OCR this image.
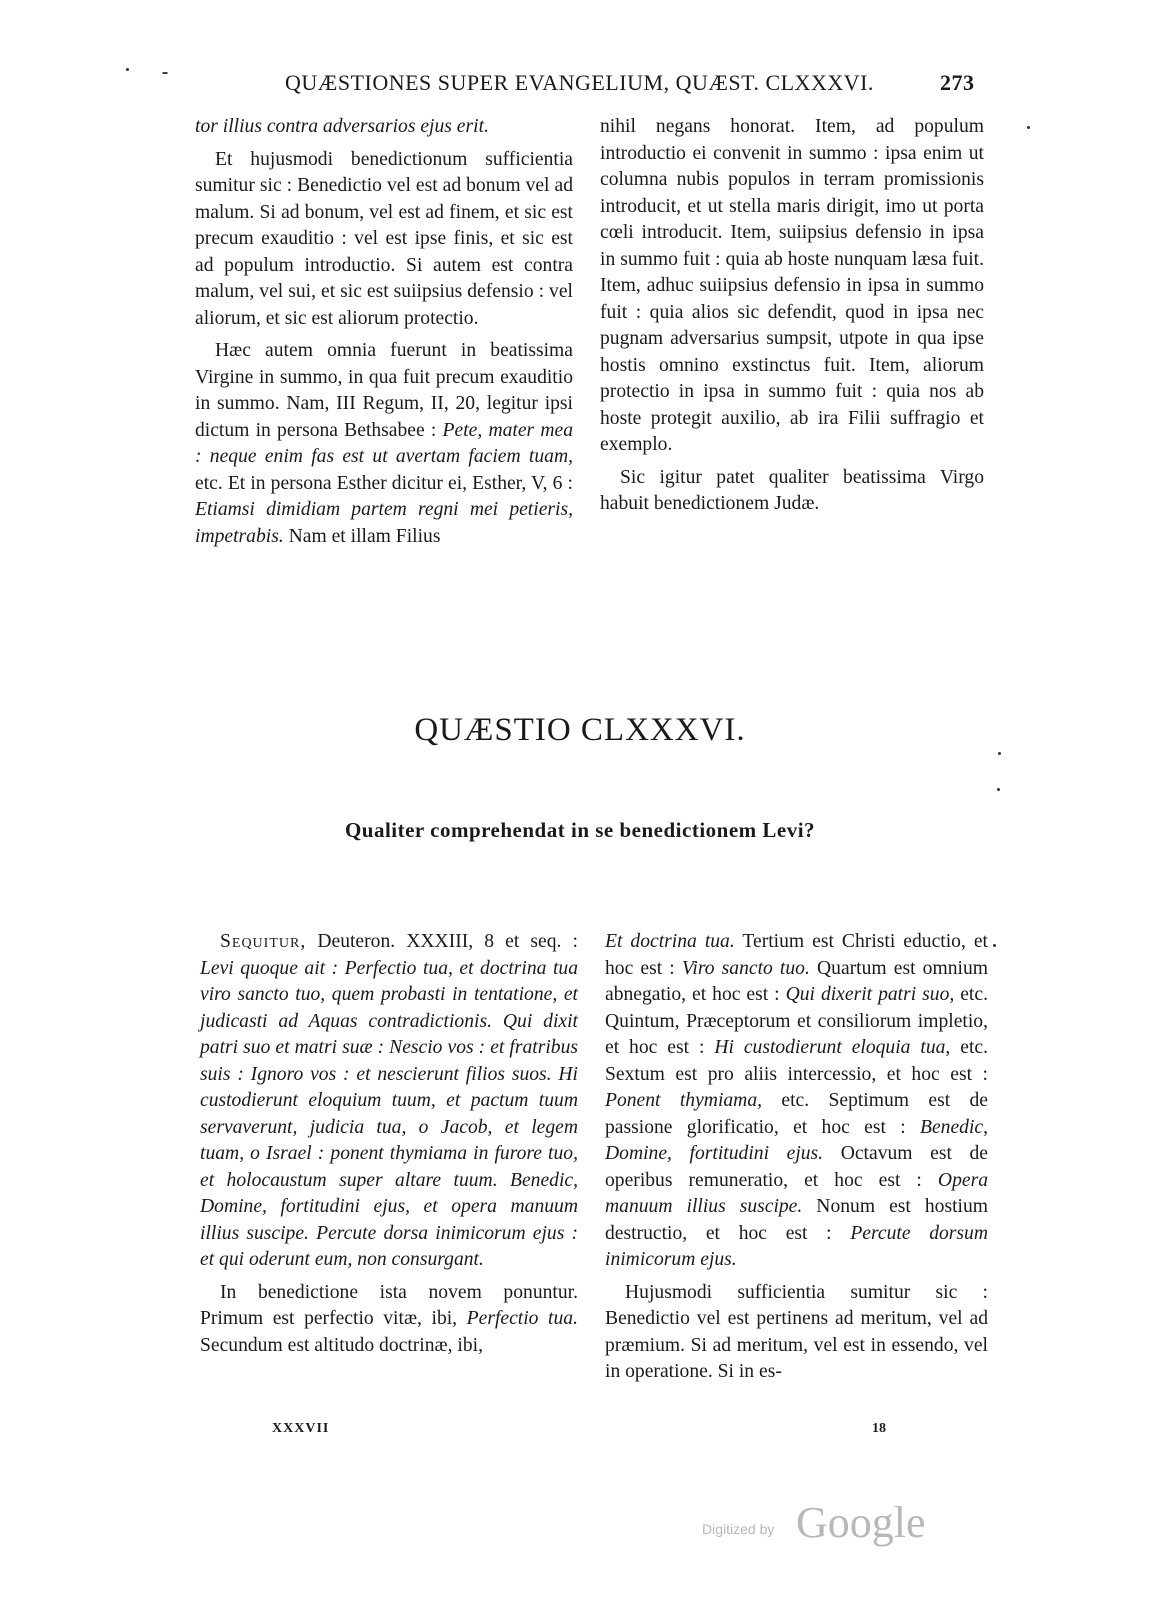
QUÆSTIONES SUPER EVANGELIUM, QUÆST. CLXXXVI.	273

tor illius contra adversarios ejus erit.

Et hujusmodi benedictionum sufficientia sumitur sic : Benedictio vel est ad bonum vel ad malum. Si ad bonum, vel est ad finem, et sic est precum exauditio : vel est ipse finis, et sic est ad populum introductio. Si autem est contra malum, vel sui, et sic est suiipsius defensio : vel aliorum, et sic est aliorum protectio.

Hæc autem omnia fuerunt in beatissima Virgine in summo, in qua fuit precum exauditio in summo. Nam, III Regum, II, 20, legitur ipsi dictum in persona Bethsabee : Pete, mater mea : neque enim fas est ut avertam faciem tuam, etc. Et in persona Esther dicitur ei, Esther, V, 6 : Etiamsi dimidiam partem regni mei petieris, impetrabis. Nam et illam Filius

nihil negans honorat. Item, ad populum introductio ei convenit in summo : ipsa enim ut columna nubis populos in terram promissionis introducit, et ut stella maris dirigit, imo ut porta cœli introducit. Item, suiipsius defensio in ipsa in summo fuit : quia ab hoste nunquam læsa fuit. Item, adhuc suiipsius defensio in ipsa in summo fuit : quia alios sic defendit, quod in ipsa nec pugnam adversarius sumpsit, utpote in qua ipse hostis omnino exstinctus fuit. Item, aliorum protectio in ipsa in summo fuit : quia nos ab hoste protegit auxilio, ab ira Filii suffragio et exemplo.

Sic igitur patet qualiter beatissima Virgo habuit benedictionem Judæ.

QUÆSTIO CLXXXVI.
Qualiter comprehendat in se benedictionem Levi?

Sequitur, Deuteron. XXXIII, 8 et seq. : Levi quoque ait : Perfectio tua, et doctrina tua viro sancto tuo, quem probasti in tentatione, et judicasti ad Aquas contradictionis. Qui dixit patri suo et matri suæ : Nescio vos : et fratribus suis : Ignoro vos : et nescierunt filios suos. Hi custodierunt eloquium tuum, et pactum tuum servaverunt, judicia tua, o Jacob, et legem tuam, o Israel : ponent thymiama in furore tuo, et holocaustum super altare tuum. Benedic, Domine, fortitudini ejus, et opera manuum illius suscipe. Percute dorsa inimicorum ejus : et qui oderunt eum, non consurgant.

In benedictione ista novem ponuntur. Primum est perfectio vitæ, ibi, Perfectio tua. Secundum est altitudo doctrinæ, ibi,

Et doctrina tua. Tertium est Christi eductio, et hoc est : Viro sancto tuo. Quartum est omnium abnegatio, et hoc est : Qui dixerit patri suo, etc. Quintum, Præceptorum et consiliorum impletio, et hoc est : Hi custodierunt eloquia tua, etc. Sextum est pro aliis intercessio, et hoc est : Ponent thymiama, etc. Septimum est de passione glorificatio, et hoc est : Benedic, Domine, fortitudini ejus. Octavum est de operibus remuneratio, et hoc est : Opera manuum illius suscipe. Nonum est hostium destructio, et hoc est : Percute dorsum inimicorum ejus.

Hujusmodi sufficientia sumitur sic : Benedictio vel est pertinens ad meritum, vel ad præmium. Si ad meritum, vel est in essendo, vel in operatione. Si in es-

XXXVII	18
Digitized by Google
